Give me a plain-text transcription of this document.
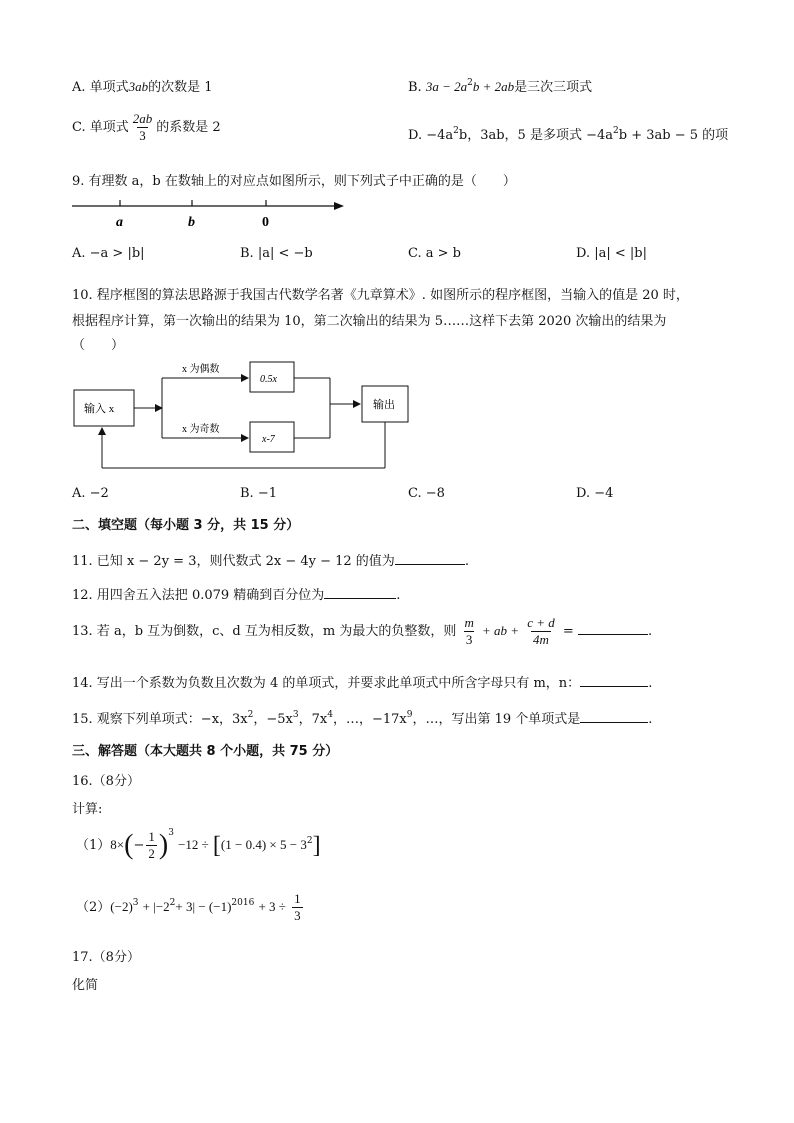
A. 单项式3ab的次数是 1	B. $3a - 2a^2b + 2ab$是三次三项式
C. 单项式 $\frac{2ab}{3}$ 的系数是 2
D. $-4a^2b$，3ab，5 是多项式 $-4a^2b + 3ab - 5$ 的项
9. 有理数 a，b 在数轴上的对应点如图所示，则下列式子中正确的是（　　）
a	b	0
A. −a > |b|	B. |a| < −b	C. a > b	D. |a| < |b|
10. 程序框图的算法思路源于我国古代数学名著《九章算术》. 如图所示的程序框图，当输入的值是 20 时，
根据程序计算，第一次输出的结果为 10，第二次输出的结果为 5……这样下去第 2020 次输出的结果为
（　　）
输入 x
x 为偶数
0.5x
x 为奇数
x-7
输出
A. −2	B. −1	C. −8	D. −4
二、填空题（每小题 3 分，共 15 分）
11. 已知 x − 2y = 3，则代数式 2x − 4y − 12 的值为	.
12. 用四舍五入法把 0.079 精确到百分位为	.
13. 若 a，b 互为倒数，c、d 互为相反数，m 为最大的负整数，则 $\frac{m}{3}$ + ab + $\frac{c + d}{4m}$ =	.
14. 写出一个系数为负数且次数为 4 的单项式，并要求此单项式中所含字母只有 m，n：	.
15. 观察下列单项式：−x，$3x^2$，$-5x^3$，$7x^4$，…，$-17x^9$，…，写出第 19 个单项式是	.
三、解答题（本大题共 8 个小题，共 75 分）
16.（8分）
计算:
$(1)8\times(- \frac{1}{2} )^3 -12 \div [(1 - 0.4) \times 5 - 3^2]$
$(2)(-2)^3 + |-2^2+ 3| - (-1)^{2016} + 3 \div \frac{1}{3}$
17.（8分）
化简
